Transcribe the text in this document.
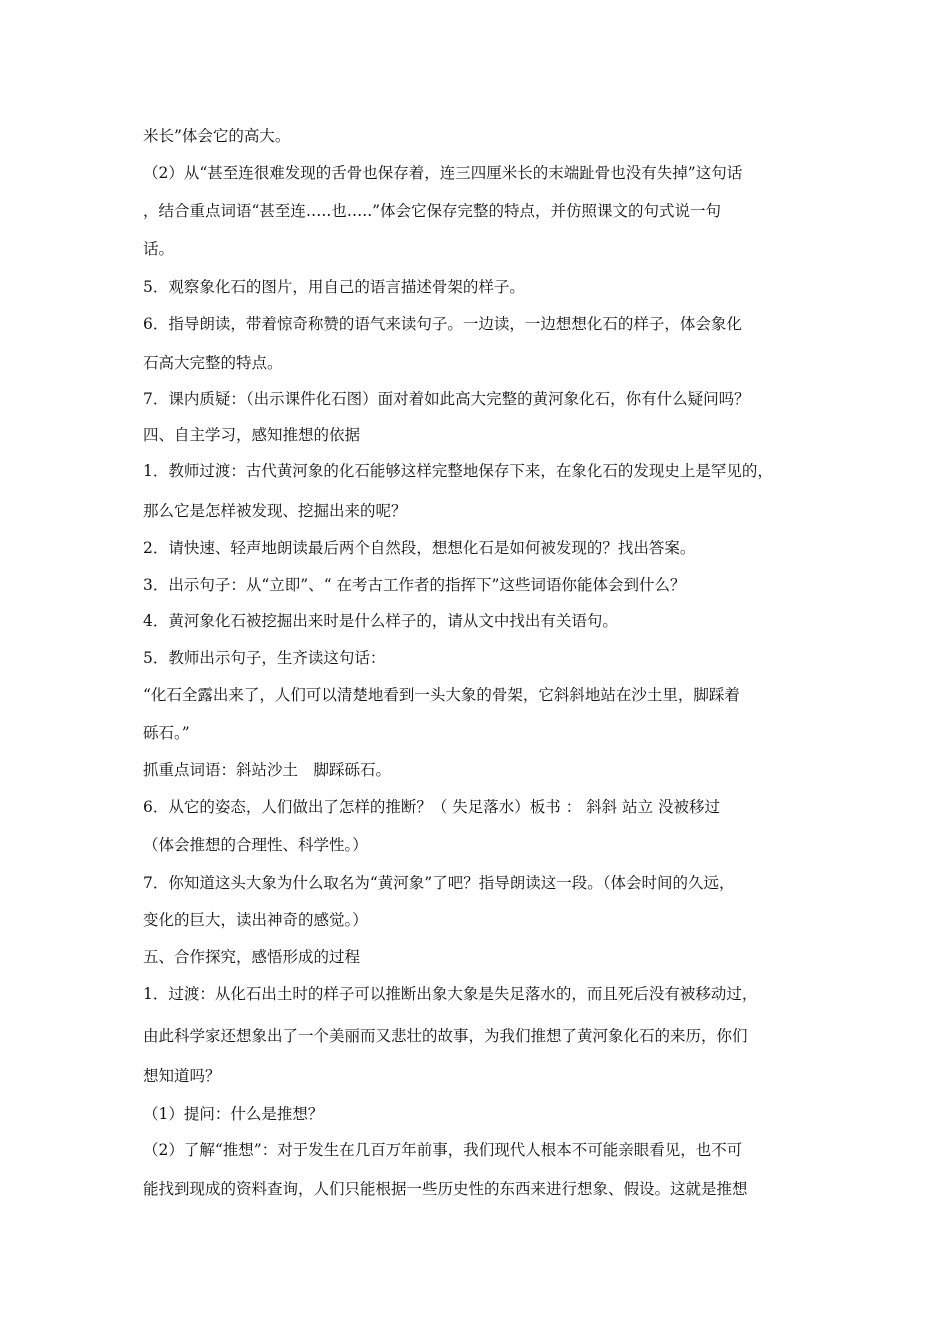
米长”体会它的高大。
（2）从“甚至连很难发现的舌骨也保存着，连三四厘米长的末端趾骨也没有失掉”这句话
，结合重点词语“甚至连…..也…..”体会它保存完整的特点，并仿照课文的句式说一句
话。
5．观察象化石的图片，用自己的语言描述骨架的样子。
6．指导朗读，带着惊奇称赞的语气来读句子。一边读，一边想想化石的样子，体会象化
石高大完整的特点。
7．课内质疑：（出示课件化石图）面对着如此高大完整的黄河象化石，你有什么疑问吗？
四、自主学习，感知推想的依据
1．教师过渡：古代黄河象的化石能够这样完整地保存下来，在象化石的发现史上是罕见的，
那么它是怎样被发现、挖掘出来的呢？
2．请快速、轻声地朗读最后两个自然段，想想化石是如何被发现的？找出答案。
3．出示句子：从“立即”、“ 在考古工作者的指挥下”这些词语你能体会到什么？
4．黄河象化石被挖掘出来时是什么样子的，请从文中找出有关语句。
5．教师出示句子，生齐读这句话：
“化石全露出来了，人们可以清楚地看到一头大象的骨架，它斜斜地站在沙土里，脚踩着
砾石。”
抓重点词语：斜站沙土　脚踩砾石。
6．从它的姿态，人们做出了怎样的推断？（ 失足落水）板书 ： 斜斜 站立 没被移过
（体会推想的合理性、科学性。）
7．你知道这头大象为什么取名为“黄河象”了吧？指导朗读这一段。（体会时间的久远，
变化的巨大，读出神奇的感觉。）
五、合作探究，感悟形成的过程
1．过渡：从化石出土时的样子可以推断出象大象是失足落水的，而且死后没有被移动过，
由此科学家还想象出了一个美丽而又悲壮的故事，为我们推想了黄河象化石的来历，你们
想知道吗？
（1）提问：什么是推想？
（2）了解“推想”：对于发生在几百万年前事，我们现代人根本不可能亲眼看见，也不可
能找到现成的资料查询，人们只能根据一些历史性的东西来进行想象、假设。这就是推想
